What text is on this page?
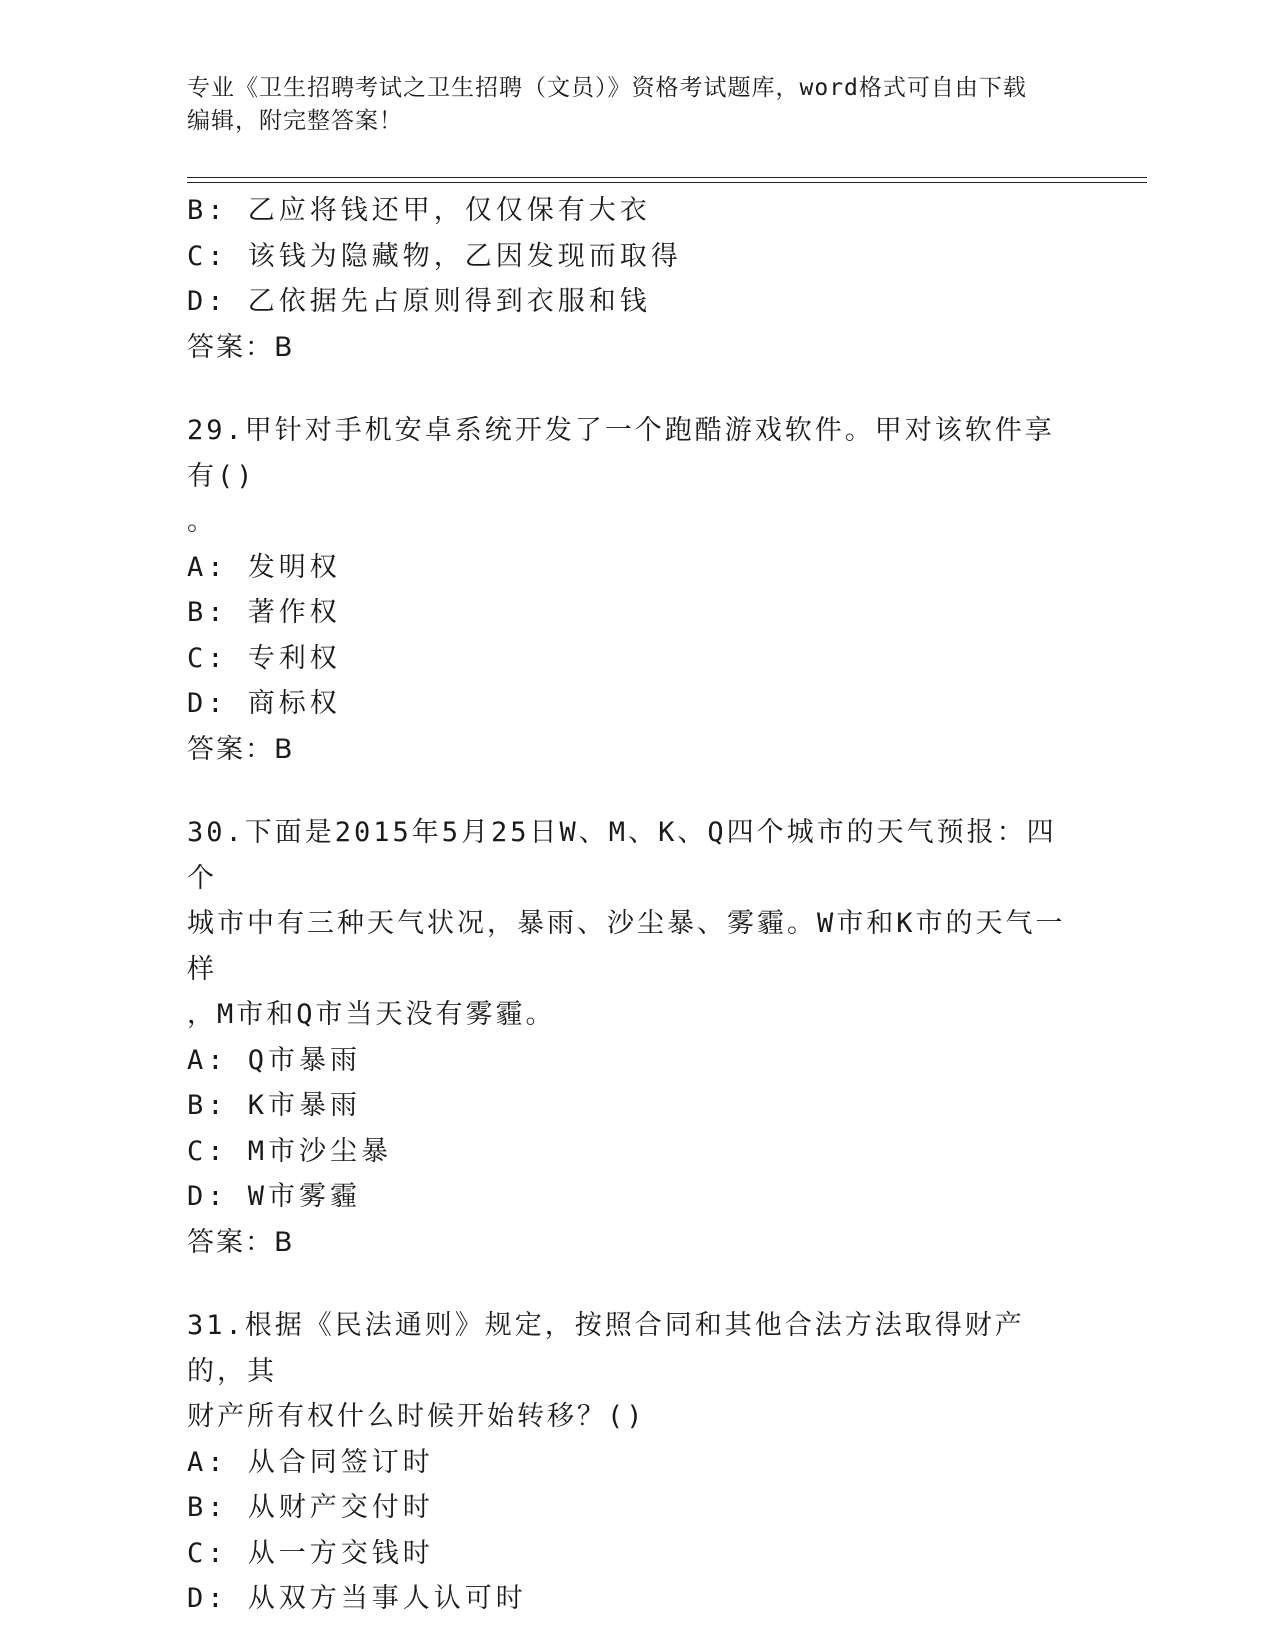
专业《卫生招聘考试之卫生招聘（文员）》资格考试题库，word格式可自由下载
编辑，附完整答案！
B: 乙应将钱还甲，仅仅保有大衣
C: 该钱为隐藏物，乙因发现而取得
D: 乙依据先占原则得到衣服和钱
答案：B
29.甲针对手机安卓系统开发了一个跑酷游戏软件。甲对该软件享有()
。
A: 发明权
B: 著作权
C: 专利权
D: 商标权
答案：B
30.下面是2015年5月25日W、M、K、Q四个城市的天气预报：四个
城市中有三种天气状况，暴雨、沙尘暴、雾霾。W市和K市的天气一样
，M市和Q市当天没有雾霾。
A: Q市暴雨
B: K市暴雨
C: M市沙尘暴
D: W市雾霾
答案：B
31.根据《民法通则》规定，按照合同和其他合法方法取得财产的，其
财产所有权什么时候开始转移？()
A: 从合同签订时
B: 从财产交付时
C: 从一方交钱时
D: 从双方当事人认可时
